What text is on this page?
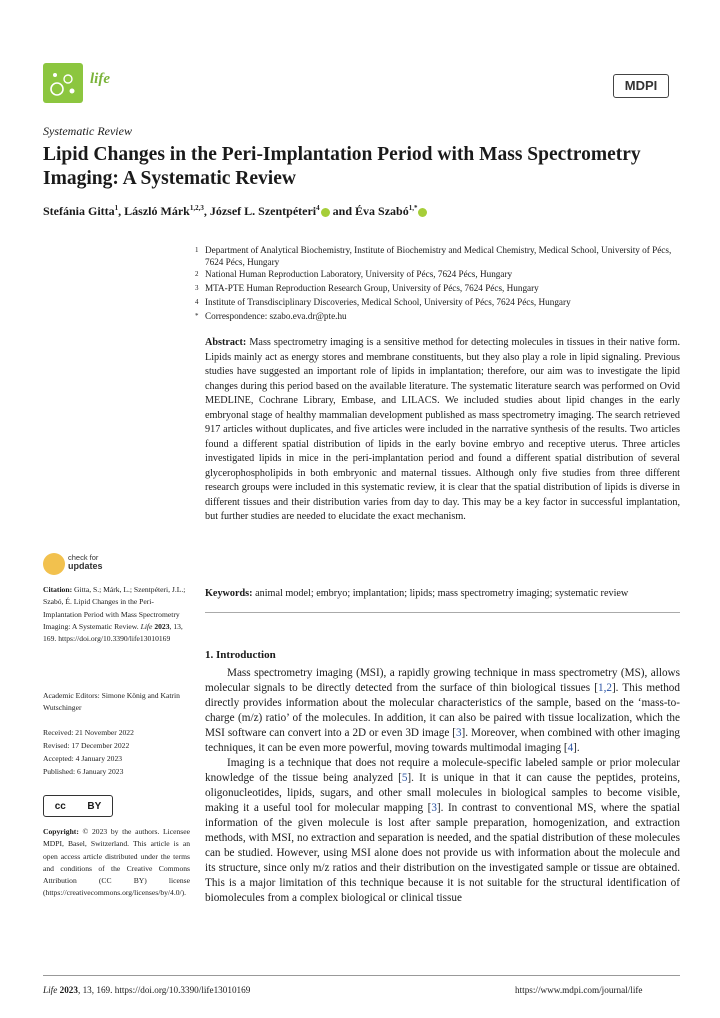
life	MDPI
Systematic Review
Lipid Changes in the Peri-Implantation Period with Mass Spectrometry Imaging: A Systematic Review
Stefánia Gitta$^1$, László Márk$^{1,2,3}$, József L. Szentpéteri$^4$ and Éva Szabó$^{1,*}$
1 Department of Analytical Biochemistry, Institute of Biochemistry and Medical Chemistry, Medical School, University of Pécs, 7624 Pécs, Hungary
2 National Human Reproduction Laboratory, University of Pécs, 7624 Pécs, Hungary
3 MTA-PTE Human Reproduction Research Group, University of Pécs, 7624 Pécs, Hungary
4 Institute of Transdisciplinary Discoveries, Medical School, University of Pécs, 7624 Pécs, Hungary
* Correspondence: szabo.eva.dr@pte.hu
Abstract: Mass spectrometry imaging is a sensitive method for detecting molecules in tissues in their native form. Lipids mainly act as energy stores and membrane constituents, but they also play a role in lipid signaling. Previous studies have suggested an important role of lipids in implantation; therefore, our aim was to investigate the lipid changes during this period based on the available literature. The systematic literature search was performed on Ovid MEDLINE, Cochrane Library, Embase, and LILACS. We included studies about lipid changes in the early embryonal stage of healthy mammalian development published as mass spectrometry imaging. The search retrieved 917 articles without duplicates, and five articles were included in the narrative synthesis of the results. Two articles found a different spatial distribution of lipids in the early bovine embryo and receptive uterus. Three articles investigated lipids in mice in the peri-implantation period and found a different spatial distribution of several glycerophospholipids in both embryonic and maternal tissues. Although only five studies from three different research groups were included in this systematic review, it is clear that the spatial distribution of lipids is diverse in different tissues and their distribution varies from day to day. This may be a key factor in successful implantation, but further studies are needed to elucidate the exact mechanism.
Keywords: animal model; embryo; implantation; lipids; mass spectrometry imaging; systematic review
1. Introduction

Mass spectrometry imaging (MSI), a rapidly growing technique in mass spectrometry (MS), allows molecular signals to be directly detected from the surface of thin biological tissues [1,2]. This method directly provides information about the molecular characteristics of the sample, based on the ‘mass-to-charge (m/z) ratio’ of the molecules. In addition, it can also be paired with tissue localization, which the MSI software can convert into a 2D or even 3D image [3]. Moreover, when combined with other imaging techniques, it can be even more powerful, moving towards multimodal imaging [4].

Imaging is a technique that does not require a molecule-specific labeled sample or prior molecular knowledge of the tissue being analyzed [5]. It is unique in that it can cause the peptides, proteins, oligonucleotides, lipids, sugars, and other small molecules in biological samples to become visible, making it a useful tool for molecular mapping [3]. In contrast to conventional MS, where the spatial information of the given molecule is lost after sample preparation, homogenization, and extraction methods, with MSI, no extraction and separation is needed, and the spatial distribution of these molecules can be studied. However, using MSI alone does not provide us with information about the molecule and its structure, since only m/z ratios and their distribution on the investigated sample or tissue are obtained. This is a major limitation of this technique because it is not suitable for the structural identification of biomolecules from a complex biological or clinical tissue

check for
updates
Citation: Gitta, S.; Márk, L.; Szentpéteri, J.L.; Szabó, É. Lipid Changes in the Peri-Implantation Period with Mass Spectrometry Imaging: A Systematic Review. Life 2023, 13, 169. https://doi.org/10.3390/life13010169
Academic Editors: Simone König and Katrin Wutschinger
Received: 21 November 2022
Revised: 17 December 2022
Accepted: 4 January 2023
Published: 6 January 2023
cc BY
Copyright: © 2023 by the authors. Licensee MDPI, Basel, Switzerland. This article is an open access article distributed under the terms and conditions of the Creative Commons Attribution (CC BY) license (https://creativecommons.org/licenses/by/4.0/).
Life 2023, 13, 169. https://doi.org/10.3390/life13010169	https://www.mdpi.com/journal/life
